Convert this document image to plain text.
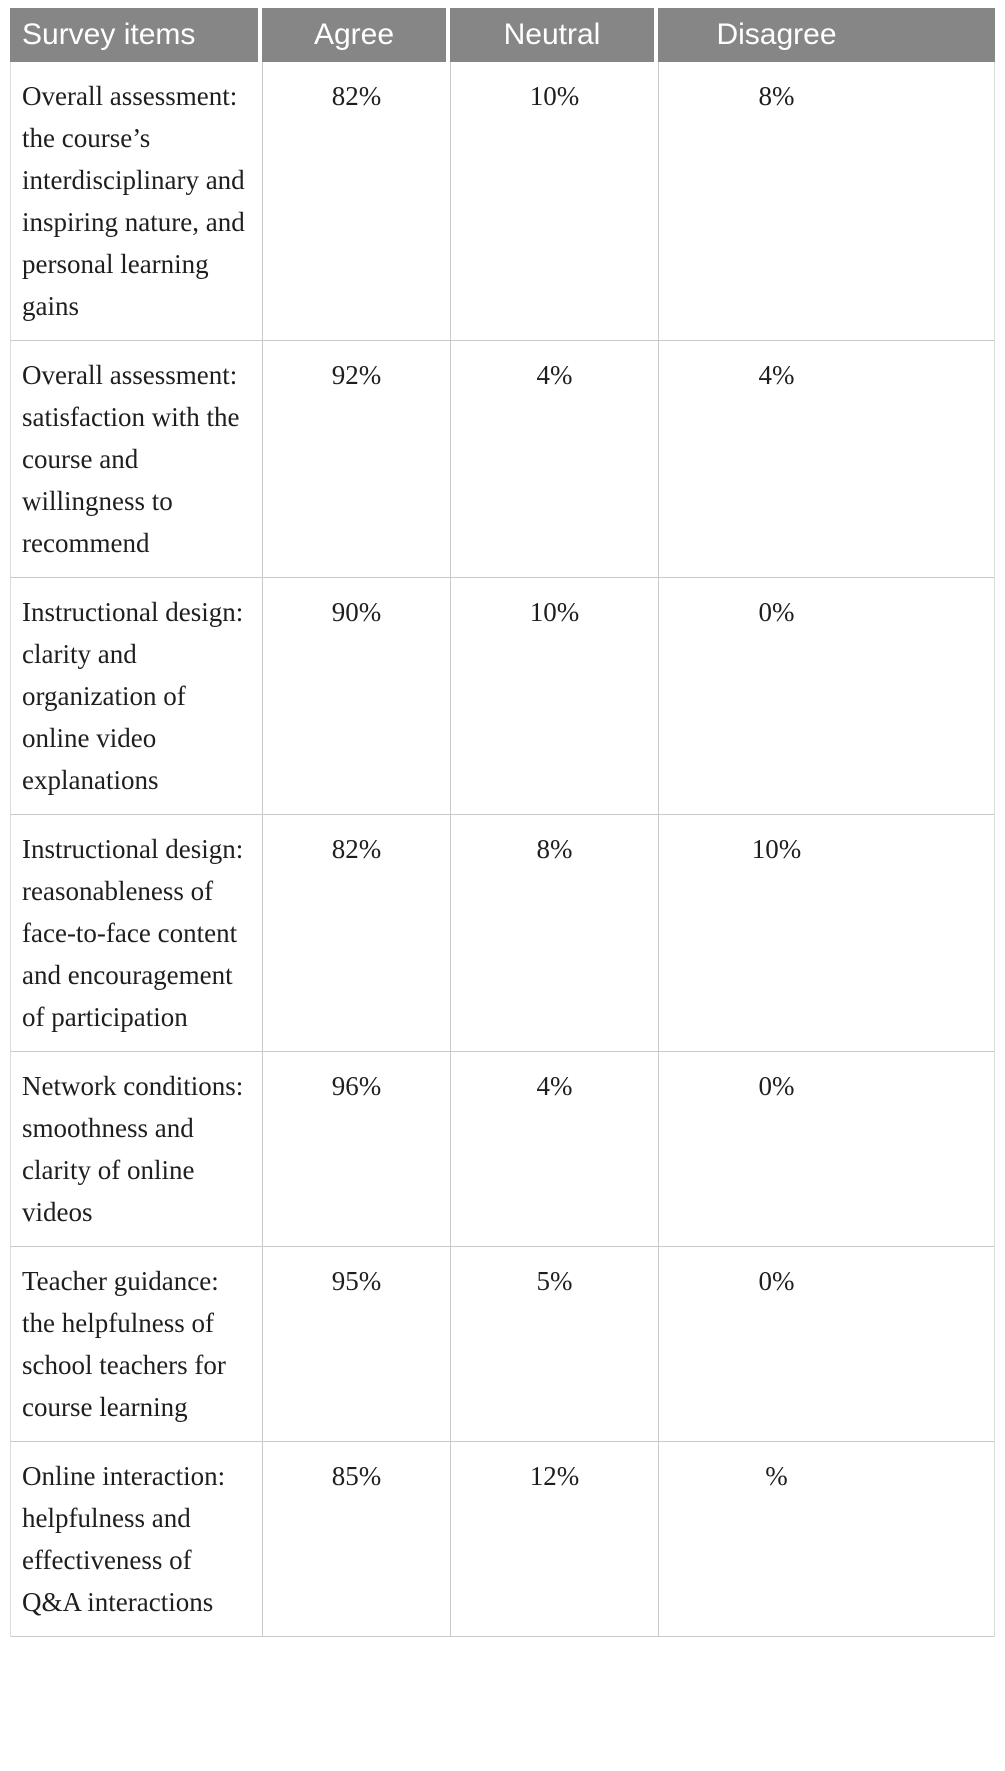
Survey items	Agree	Neutral	Disagree
Overall assessment: the course’s interdisciplinary and inspiring nature, and personal learning gains
82%	10%	8%
Overall assessment: satisfaction with the course and willingness to recommend
92%	4%	4%
Instructional design: clarity and organization of online video explanations
90%	10%	0%
Instructional design: reasonableness of face-to-face content and encouragement of participation
82%	8%	10%
Network conditions: smoothness and clarity of online videos
96%	4%	0%
Teacher guidance: the helpfulness of school teachers for course learning
95%	5%	0%
Online interaction: helpfulness and effectiveness of Q&A interactions
85%	12%	%
